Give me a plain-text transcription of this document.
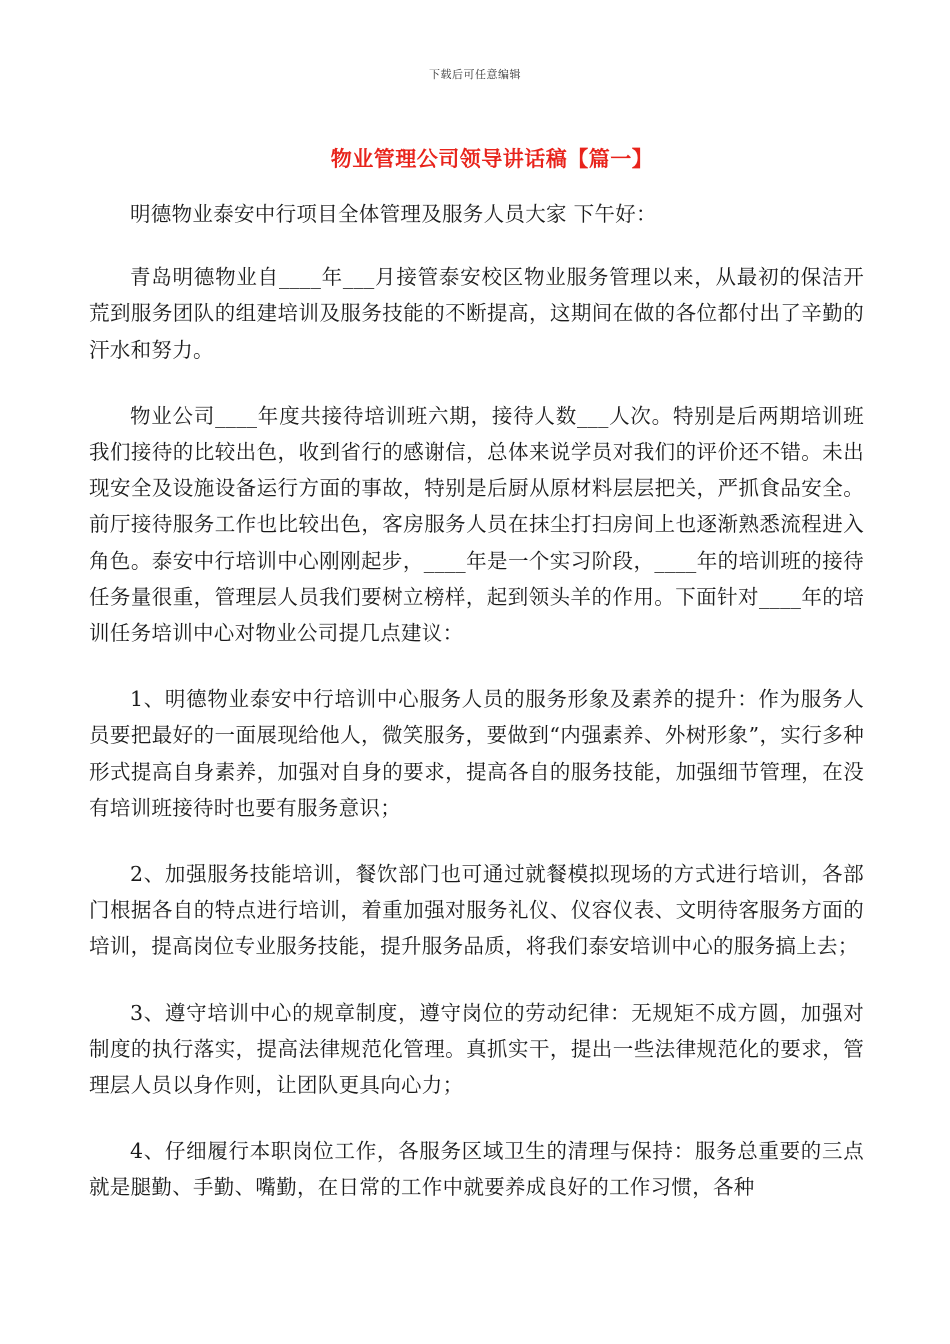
下载后可任意编辑
物业管理公司领导讲话稿【篇一】

明德物业泰安中行项目全体管理及服务人员大家 下午好：

青岛明德物业自____年___月接管泰安校区物业服务管理以来，从最初的保洁开荒到服务团队的组建培训及服务技能的不断提高，这期间在做的各位都付出了辛勤的汗水和努力。

物业公司____年度共接待培训班六期，接待人数___人次。特别是后两期培训班我们接待的比较出色，收到省行的感谢信，总体来说学员对我们的评价还不错。未出现安全及设施设备运行方面的事故，特别是后厨从原材料层层把关，严抓食品安全。前厅接待服务工作也比较出色，客房服务人员在抹尘打扫房间上也逐渐熟悉流程进入角色。泰安中行培训中心刚刚起步，____年是一个实习阶段，____年的培训班的接待任务量很重，管理层人员我们要树立榜样，起到领头羊的作用。下面针对____年的培训任务培训中心对物业公司提几点建议：

1、明德物业泰安中行培训中心服务人员的服务形象及素养的提升：作为服务人员要把最好的一面展现给他人，微笑服务，要做到“内强素养、外树形象”，实行多种形式提高自身素养，加强对自身的要求，提高各自的服务技能，加强细节管理，在没有培训班接待时也要有服务意识；

2、加强服务技能培训，餐饮部门也可通过就餐模拟现场的方式进行培训，各部门根据各自的特点进行培训，着重加强对服务礼仪、仪容仪表、文明待客服务方面的培训，提高岗位专业服务技能，提升服务品质，将我们泰安培训中心的服务搞上去；

3、遵守培训中心的规章制度，遵守岗位的劳动纪律：无规矩不成方圆，加强对制度的执行落实，提高法律规范化管理。真抓实干，提出一些法律规范化的要求，管理层人员以身作则，让团队更具向心力；

4、仔细履行本职岗位工作，各服务区域卫生的清理与保持：服务总重要的三点就是腿勤、手勤、嘴勤，在日常的工作中就要养成良好的工作习惯，各种
